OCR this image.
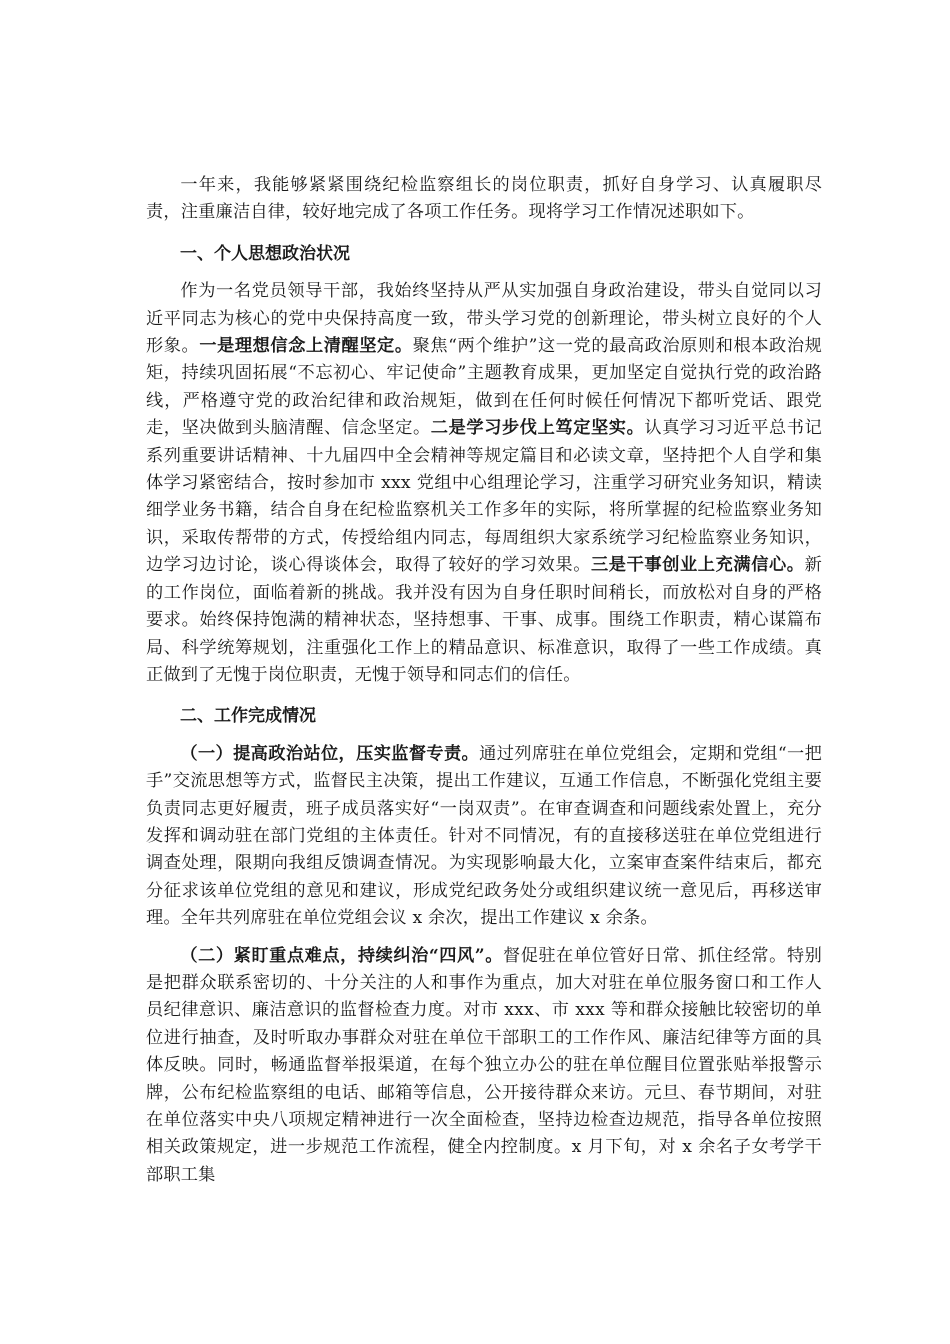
一年来，我能够紧紧围绕纪检监察组长的岗位职责，抓好自身学习、认真履职尽责，注重廉洁自律，较好地完成了各项工作任务。现将学习工作情况述职如下。

一、个人思想政治状况

作为一名党员领导干部，我始终坚持从严从实加强自身政治建设，带头自觉同以习近平同志为核心的党中央保持高度一致，带头学习党的创新理论，带头树立良好的个人形象。一是理想信念上清醒坚定。聚焦“两个维护”这一党的最高政治原则和根本政治规矩，持续巩固拓展“不忘初心、牢记使命”主题教育成果，更加坚定自觉执行党的政治路线，严格遵守党的政治纪律和政治规矩，做到在任何时候任何情况下都听党话、跟党走，坚决做到头脑清醒、信念坚定。二是学习步伐上笃定坚实。认真学习习近平总书记系列重要讲话精神、十九届四中全会精神等规定篇目和必读文章，坚持把个人自学和集体学习紧密结合，按时参加市 xxx 党组中心组理论学习，注重学习研究业务知识，精读细学业务书籍，结合自身在纪检监察机关工作多年的实际，将所掌握的纪检监察业务知识，采取传帮带的方式，传授给组内同志，每周组织大家系统学习纪检监察业务知识，边学习边讨论，谈心得谈体会，取得了较好的学习效果。三是干事创业上充满信心。新的工作岗位，面临着新的挑战。我并没有因为自身任职时间稍长，而放松对自身的严格要求。始终保持饱满的精神状态，坚持想事、干事、成事。围绕工作职责，精心谋篇布局、科学统筹规划，注重强化工作上的精品意识、标准意识，取得了一些工作成绩。真正做到了无愧于岗位职责，无愧于领导和同志们的信任。

二、工作完成情况

（一）提高政治站位，压实监督专责。通过列席驻在单位党组会，定期和党组“一把手”交流思想等方式，监督民主决策，提出工作建议，互通工作信息，不断强化党组主要负责同志更好履责，班子成员落实好“一岗双责”。在审查调查和问题线索处置上，充分发挥和调动驻在部门党组的主体责任。针对不同情况，有的直接移送驻在单位党组进行调查处理，限期向我组反馈调查情况。为实现影响最大化，立案审查案件结束后，都充分征求该单位党组的意见和建议，形成党纪政务处分或组织建议统一意见后，再移送审理。全年共列席驻在单位党组会议 x 余次，提出工作建议 x 余条。

（二）紧盯重点难点，持续纠治“四风”。督促驻在单位管好日常、抓住经常。特别是把群众联系密切的、十分关注的人和事作为重点，加大对驻在单位服务窗口和工作人员纪律意识、廉洁意识的监督检查力度。对市 xxx、市 xxx 等和群众接触比较密切的单位进行抽查，及时听取办事群众对驻在单位干部职工的工作作风、廉洁纪律等方面的具体反映。同时，畅通监督举报渠道，在每个独立办公的驻在单位醒目位置张贴举报警示牌，公布纪检监察组的电话、邮箱等信息，公开接待群众来访。元旦、春节期间，对驻在单位落实中央八项规定精神进行一次全面检查，坚持边检查边规范，指导各单位按照相关政策规定，进一步规范工作流程，健全内控制度。x 月下旬，对 x 余名子女考学干部职工集
